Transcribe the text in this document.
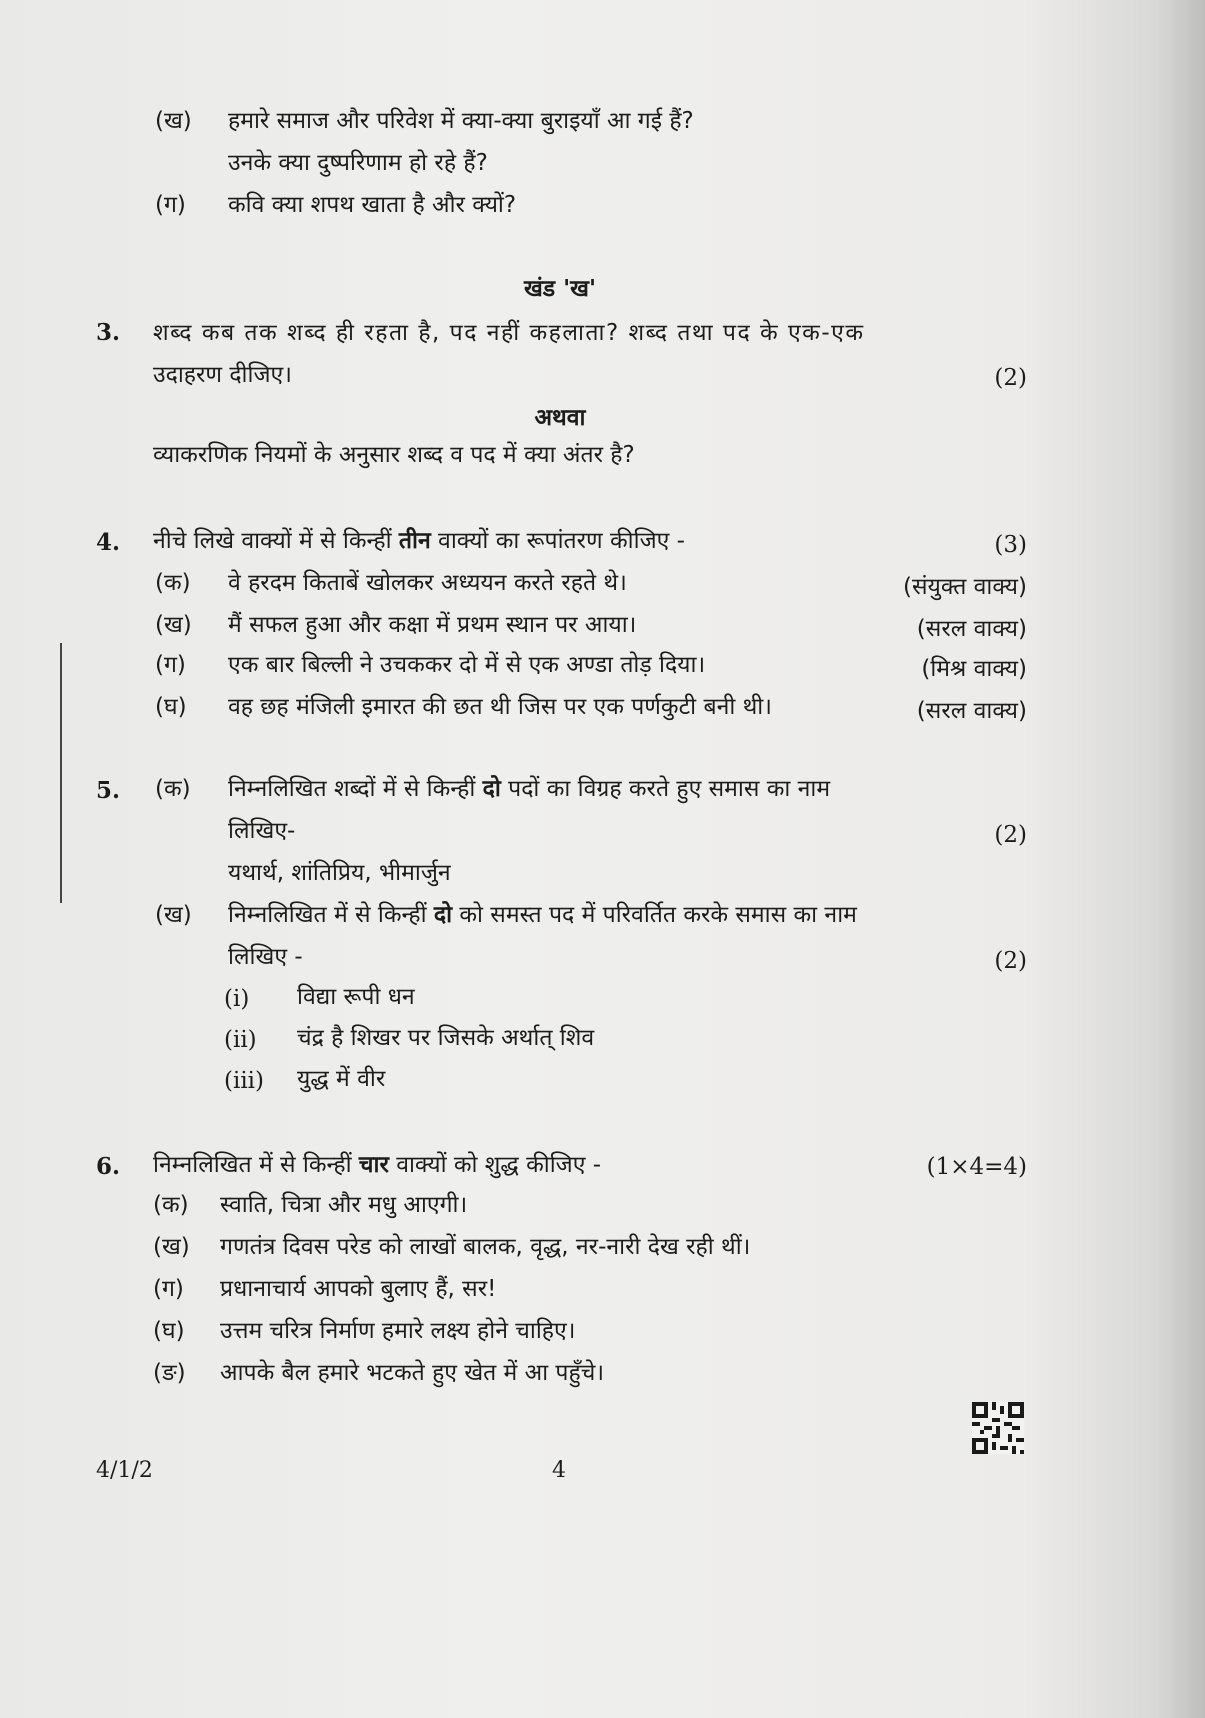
(ख) हमारे समाज और परिवेश में क्या-क्या बुराइयाँ आ गई हैं?
उनके क्या दुष्परिणाम हो रहे हैं?
(ग) कवि क्या शपथ खाता है और क्यों?
खंड 'ख'
3. शब्द कब तक शब्द ही रहता है, पद नहीं कहलाता? शब्द तथा पद के एक-एक
उदाहरण दीजिए।	(2)
अथवा
व्याकरणिक नियमों के अनुसार शब्द व पद में क्या अंतर है?
4. नीचे लिखे वाक्यों में से किन्हीं तीन वाक्यों का रूपांतरण कीजिए -	(3)
(क) वे हरदम किताबें खोलकर अध्ययन करते रहते थे।	(संयुक्त वाक्य)
(ख) मैं सफल हुआ और कक्षा में प्रथम स्थान पर आया।	(सरल वाक्य)
(ग) एक बार बिल्ली ने उचककर दो में से एक अण्डा तोड़ दिया।	(मिश्र वाक्य)
(घ) वह छह मंजिली इमारत की छत थी जिस पर एक पर्णकुटी बनी थी।	(सरल वाक्य)
5. (क) निम्नलिखित शब्दों में से किन्हीं दो पदों का विग्रह करते हुए समास का नाम
लिखिए-	(2)
यथार्थ, शांतिप्रिय, भीमार्जुन
(ख) निम्नलिखित में से किन्हीं दो को समस्त पद में परिवर्तित करके समास का नाम
लिखिए -	(2)
(i) विद्या रूपी धन
(ii) चंद्र है शिखर पर जिसके अर्थात् शिव
(iii) युद्ध में वीर
6. निम्नलिखित में से किन्हीं चार वाक्यों को शुद्ध कीजिए -	(1×4=4)
(क) स्वाति, चित्रा और मधु आएगी।
(ख) गणतंत्र दिवस परेड को लाखों बालक, वृद्ध, नर-नारी देख रही थीं।
(ग) प्रधानाचार्य आपको बुलाए हैं, सर!
(घ) उत्तम चरित्र निर्माण हमारे लक्ष्य होने चाहिए।
(ङ) आपके बैल हमारे भटकते हुए खेत में आ पहुँचे।
4/1/2	4
